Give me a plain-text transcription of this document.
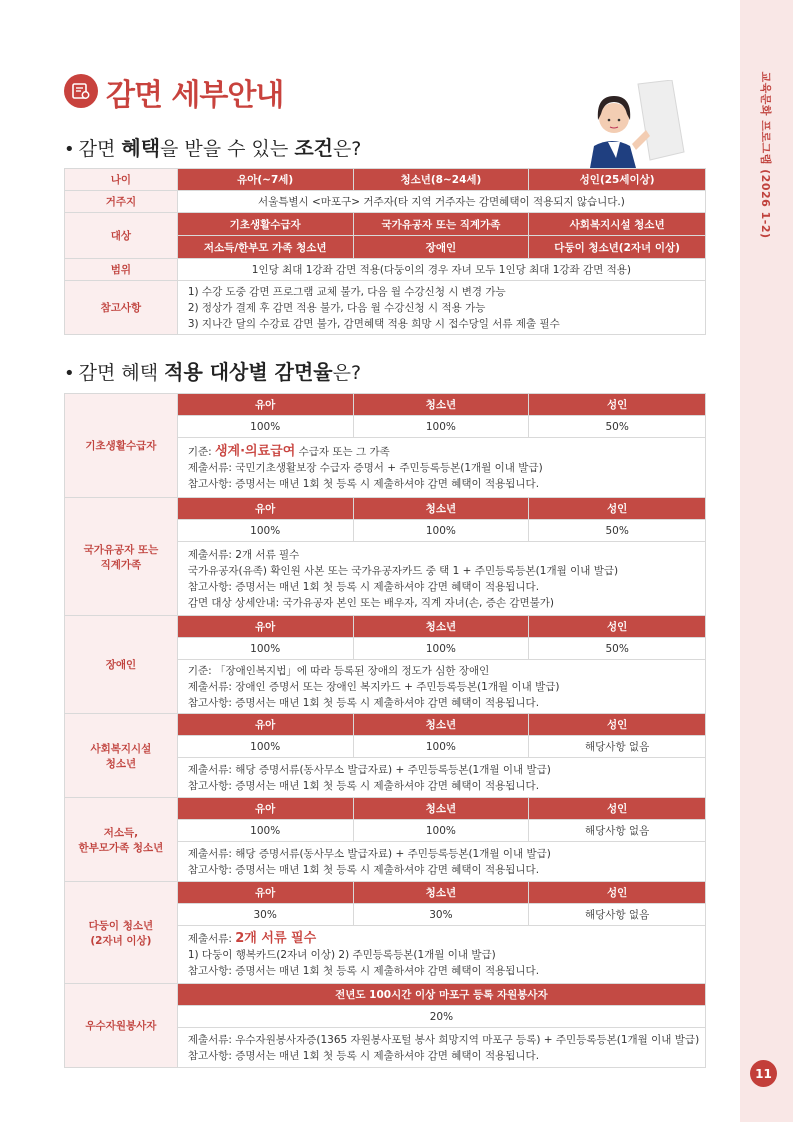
교육문화 프로그램 (2026 1-2)
11
감면 세부안내
• 감면 혜택을 받을 수 있는 조건은?
나이	유아(~7세)	청소년(8~24세)	성인(25세이상)
거주지	서울특별시 <마포구> 거주자(타 지역 거주자는 감면혜택이 적용되지 않습니다.)		
대상	기초생활수급자	국가유공자 또는 직계가족	사회복지시설 청소년
	저소득/한부모 가족 청소년	장애인	다둥이 청소년(2자녀 이상)
범위	1인당 최대 1강좌 감면 적용(다둥이의 경우 자녀 모두 1인당 최대 1강좌 감면 적용)		
참고사항	1) 수강 도중 감면 프로그램 교체 불가, 다음 월 수강신청 시 변경 가능
2) 정상가 결제 후 감면 적용 불가, 다음 월 수강신청 시 적용 가능
3) 지나간 달의 수강료 감면 불가, 감면혜택 적용 희망 시 접수당일 서류 제출 필수		
• 감면 혜택 적용 대상별 감면율은?
기초생활수급자	유아	청소년	성인
	100%	100%	50%

	기준: 생계·의료급여 수급자 또는 그 가족
제출서류: 국민기초생활보장 수급자 증명서 + 주민등록등본(1개월 이내 발급)
참고사항: 증명서는 매년 1회 첫 등록 시 제출하셔야 감면 혜택이 적용됩니다.		

국가유공자 또는
직계가족	유아	청소년	성인
	100%	100%	50%

	제출서류: 2개 서류 필수
국가유공자(유족) 확인원 사본 또는 국가유공자카드 중 택 1 + 주민등록등본(1개월 이내 발급)
참고사항: 증명서는 매년 1회 첫 등록 시 제출하셔야 감면 혜택이 적용됩니다.
감면 대상 상세안내: 국가유공자 본인 또는 배우자, 직계 자녀(손, 증손 감면불가)		

장애인	유아	청소년	성인
	100%	100%	50%

	기준: 「장애인복지법」에 따라 등록된 장애의 정도가 심한 장애인
제출서류: 장애인 증명서 또는 장애인 복지카드 + 주민등록등본(1개월 이내 발급)
참고사항: 증명서는 매년 1회 첫 등록 시 제출하셔야 감면 혜택이 적용됩니다.		

사회복지시설
청소년	유아	청소년	성인
	100%	100%	해당사항 없음

	제출서류: 해당 증명서류(동사무소 발급자료) + 주민등록등본(1개월 이내 발급)
참고사항: 증명서는 매년 1회 첫 등록 시 제출하셔야 감면 혜택이 적용됩니다.		

저소득,
한부모가족 청소년	유아	청소년	성인
	100%	100%	해당사항 없음

	제출서류: 해당 증명서류(동사무소 발급자료) + 주민등록등본(1개월 이내 발급)
참고사항: 증명서는 매년 1회 첫 등록 시 제출하셔야 감면 혜택이 적용됩니다.		

다둥이 청소년
(2자녀 이상)	유아	청소년	성인
	30%	30%	해당사항 없음

	제출서류: 2개 서류 필수
1) 다둥이 행복카드(2자녀 이상) 2) 주민등록등본(1개월 이내 발급)
참고사항: 증명서는 매년 1회 첫 등록 시 제출하셔야 감면 혜택이 적용됩니다.		

우수자원봉사자	전년도 100시간 이상 마포구 등록 자원봉사자		
	20%		

	제출서류: 우수자원봉사자증(1365 자원봉사포털 봉사 희망지역 마포구 등록) + 주민등록등본(1개월 이내 발급)
참고사항: 증명서는 매년 1회 첫 등록 시 제출하셔야 감면 혜택이 적용됩니다.		
